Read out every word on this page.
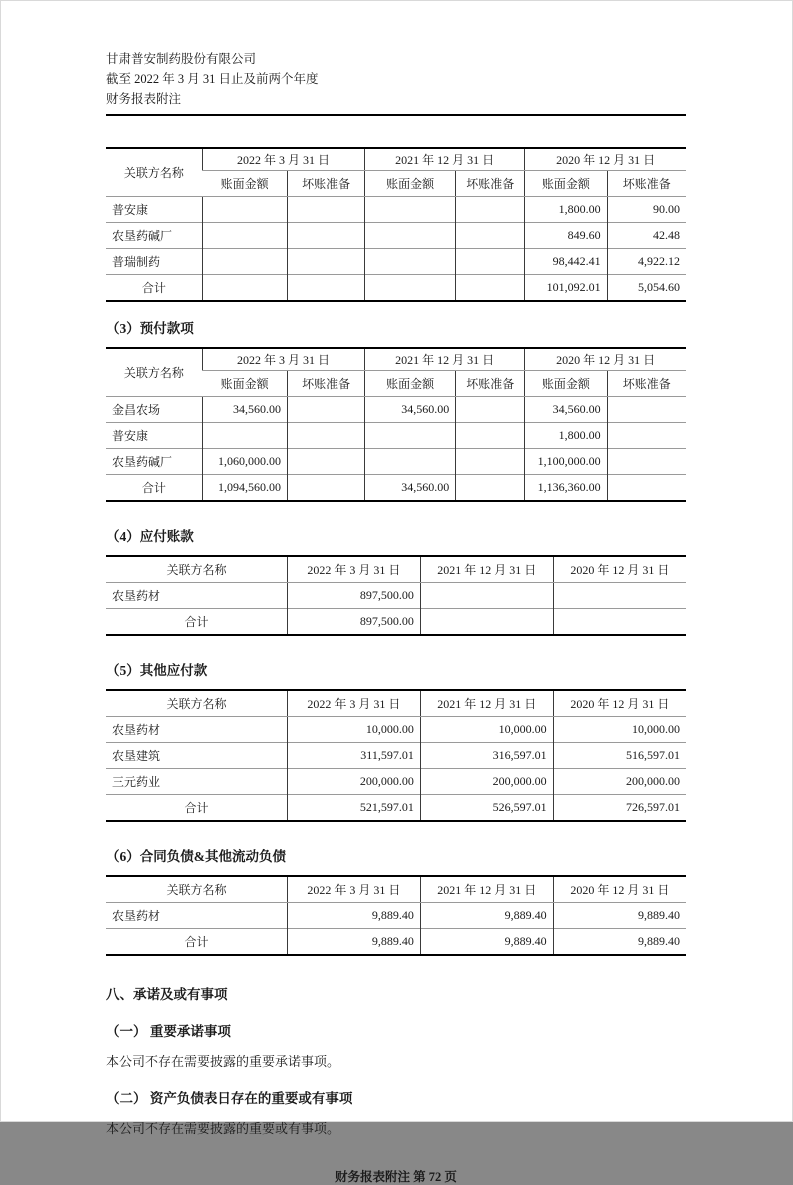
甘肃普安制药股份有限公司
截至 2022 年 3 月 31 日止及前两个年度
财务报表附注
关联方名称	2022 年 3 月 31 日		2021 年 12 月 31 日		2020 年 12 月 31 日	
	账面金额	坏账准备	账面金额	坏账准备	账面金额	坏账准备
普安康					1,800.00	90.00
农垦药碱厂					849.60	42.48
普瑞制药					98,442.41	4,922.12
合计					101,092.01	5,054.60
（3）预付款项
关联方名称	2022 年 3 月 31 日		2021 年 12 月 31 日		2020 年 12 月 31 日	
	账面金额	坏账准备	账面金额	坏账准备	账面金额	坏账准备
金昌农场	34,560.00		34,560.00		34,560.00	
普安康					1,800.00	
农垦药碱厂	1,060,000.00				1,100,000.00	
合计	1,094,560.00		34,560.00		1,136,360.00	
（4）应付账款
关联方名称	2022 年 3 月 31 日	2021 年 12 月 31 日	2020 年 12 月 31 日
农垦药材	897,500.00		
合计	897,500.00		
（5）其他应付款
关联方名称	2022 年 3 月 31 日	2021 年 12 月 31 日	2020 年 12 月 31 日
农垦药材	10,000.00	10,000.00	10,000.00
农垦建筑	311,597.01	316,597.01	516,597.01
三元药业	200,000.00	200,000.00	200,000.00
合计	521,597.01	526,597.01	726,597.01
（6）合同负债&其他流动负债
关联方名称	2022 年 3 月 31 日	2021 年 12 月 31 日	2020 年 12 月 31 日
农垦药材	9,889.40	9,889.40	9,889.40
合计	9,889.40	9,889.40	9,889.40
八、承诺及或有事项
（一） 重要承诺事项

本公司不存在需要披露的重要承诺事项。

（二） 资产负债表日存在的重要或有事项

本公司不存在需要披露的重要或有事项。

财务报表附注 第 72 页
